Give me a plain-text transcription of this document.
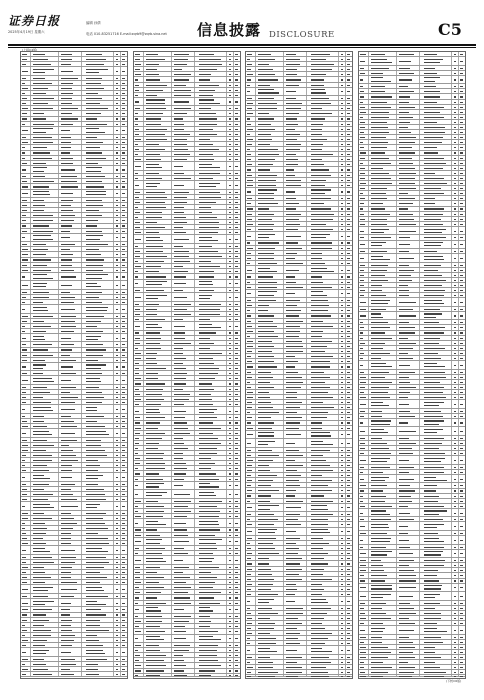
证券日报
2025年4月19日 星期六
编辑 孙倩
电话 010-83251716 E-mail:zqrb9@zqrb.sina.net 信息披露 DISCLOSURE	C5
(上接C4版)
(下转C6版)
